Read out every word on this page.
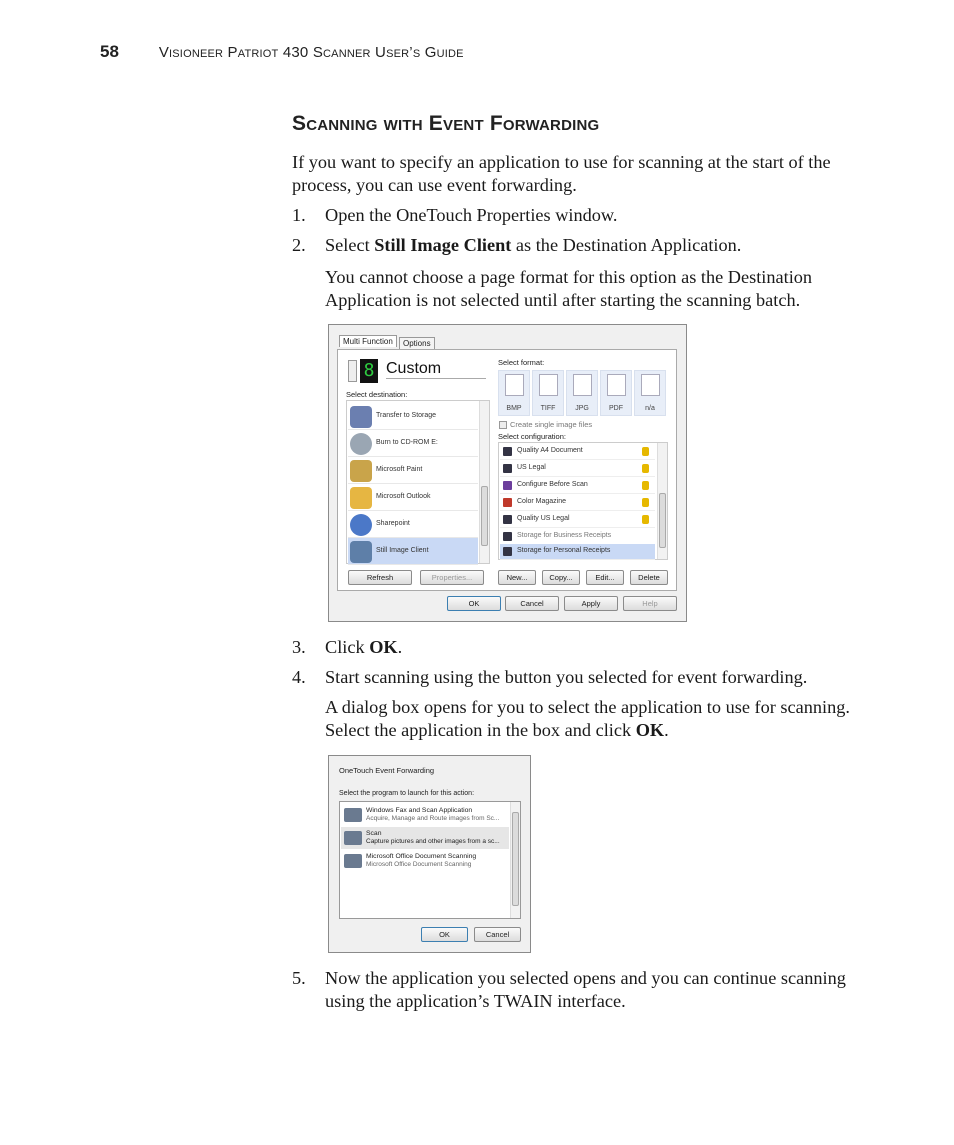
58	Visioneer Patriot 430 Scanner User’s Guide
Scanning with Event Forwarding
If you want to specify an application to use for scanning at the start of the process, you can use event forwarding.
1. Open the OneTouch Properties window.
2. Select Still Image Client as the Destination Application.
You cannot choose a page format for this option as the Destination Application is not selected until after starting the scanning batch.
Multi Function	Options
8 Custom
Select destination:
Transfer to Storage
Burn to CD-ROM E:
Microsoft Paint
Microsoft Outlook
Sharepoint
Still Image Client
Refresh	Properties...
Select format:
BMP	TIFF	JPG	PDF	n/a
Create single image files
Select configuration:
Quality A4 Document
US Legal
Configure Before Scan
Color Magazine
Quality US Legal
Storage for Business Receipts
Storage for Personal Receipts
New...	Copy...	Edit...	Delete
OK	Cancel	Apply	Help
3. Click OK.
4. Start scanning using the button you selected for event forwarding.
A dialog box opens for you to select the application to use for scanning. Select the application in the box and click OK.
OneTouch Event Forwarding
Select the program to launch for this action:
Windows Fax and Scan Application
Acquire, Manage and Route images from Sc...
Scan
Capture pictures and other images from a sc...
Microsoft Office Document Scanning
Microsoft Office Document Scanning
OK	Cancel
5. Now the application you selected opens and you can continue scanning using the application’s TWAIN interface.
